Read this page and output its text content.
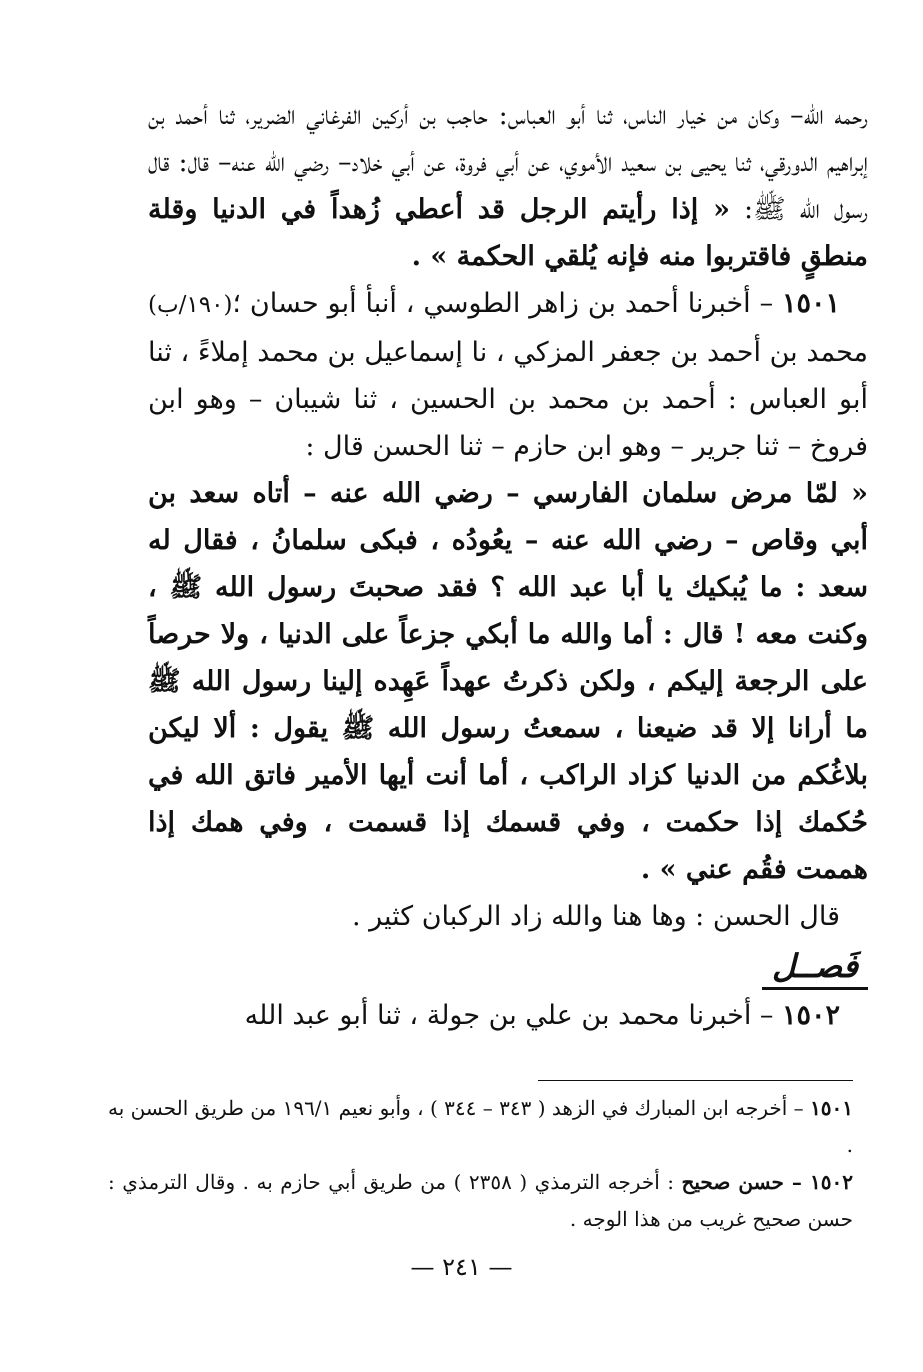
رحمه الله– وكان من خيار الناس، ثنا أبو العباس: حاجب بن أركين الفرغاني الضرير، ثنا أحمد بن إبراهيم الدورقي، ثنا يحيى بن سعيد الأموي، عن أبي فروة، عن أبي خلاد– رضي الله عنه– قال: قال رسول الله ﷺ: « إذا رأيتم الرجل قد أعطي زُهداً في الدنيا وقلة منطقٍ فاقتربوا منه فإنه يُلقي الحكمة » .

١٥٠١ – أخبرنا أحمد بن زاهر الطوسي ، أنبأ أبو حسان ؛(١٩٠/ب) محمد بن أحمد بن جعفر المزكي ، نا إسماعيل بن محمد إملاءً ، ثنا أبو العباس : أحمد بن محمد بن الحسين ، ثنا شيبان – وهو ابن فروخ – ثنا جرير – وهو ابن حازم – ثنا الحسن قال :

« لمّا مرض سلمان الفارسي – رضي الله عنه – أتاه سعد بن أبي وقاص – رضي الله عنه – يعُودُه ، فبكى سلمانُ ، فقال له سعد : ما يُبكيك يا أبا عبد الله ؟ فقد صحبتَ رسول الله ﷺ ، وكنت معه ! قال : أما والله ما أبكي جزعاً على الدنيا ، ولا حرصاً على الرجعة إليكم ، ولكن ذكرتُ عهداً عَهِده إلينا رسول الله ﷺ ما أرانا إلا قد ضيعنا ، سمعتُ رسول الله ﷺ يقول : ألا ليكن بلاغُكم من الدنيا كزاد الراكب ، أما أنت أيها الأمير فاتق الله في حُكمك إذا حكمت ، وفي قسمك إذا قسمت ، وفي همك إذا هممت فقُم عني » .

قال الحسن : وها هنا والله زاد الركبان كثير .

فَصــل

١٥٠٢ – أخبرنا محمد بن علي بن جولة ، ثنا أبو عبد الله

١٥٠١ – أخرجه ابن المبارك في الزهد ( ٣٤٣ – ٣٤٤ ) ، وأبو نعيم ١٩٦/١ من طريق الحسن به .

١٥٠٢ – حسن صحيح : أخرجه الترمذي ( ٢٣٥٨ ) من طريق أبي حازم به . وقال الترمذي : حسن صحيح غريب من هذا الوجه .

— ٢٤١ —
